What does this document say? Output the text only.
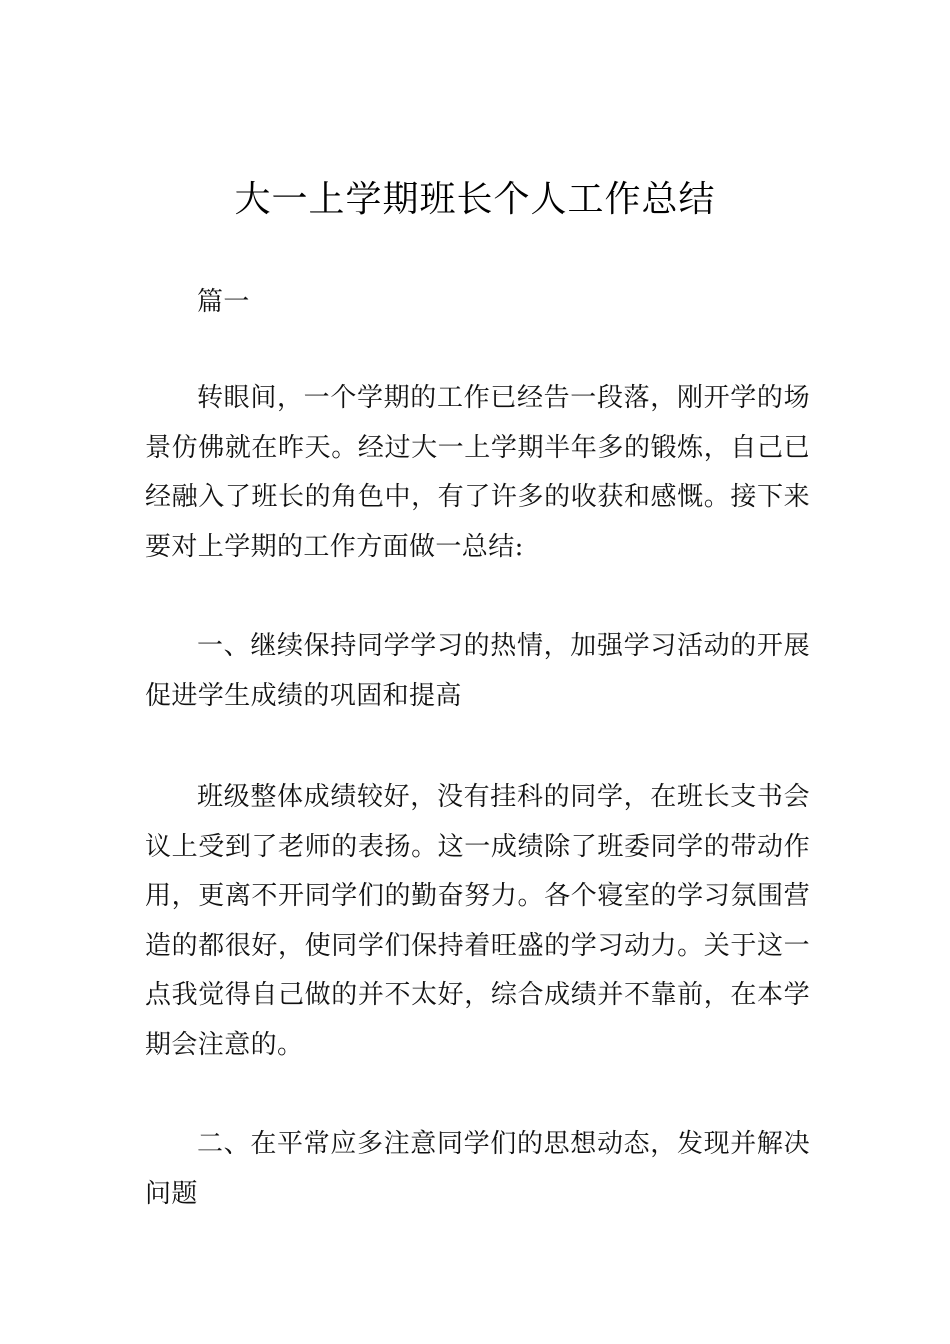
大一上学期班长个人工作总结

篇一

转眼间，一个学期的工作已经告一段落，刚开学的场景仿佛就在昨天。经过大一上学期半年多的锻炼，自己已经融入了班长的角色中，有了许多的收获和感慨。接下来要对上学期的工作方面做一总结:

一、继续保持同学学习的热情，加强学习活动的开展促进学生成绩的巩固和提高

班级整体成绩较好，没有挂科的同学，在班长支书会议上受到了老师的表扬。这一成绩除了班委同学的带动作用，更离不开同学们的勤奋努力。各个寝室的学习氛围营造的都很好，使同学们保持着旺盛的学习动力。关于这一点我觉得自己做的并不太好，综合成绩并不靠前，在本学期会注意的。

二、在平常应多注意同学们的思想动态，发现并解决问题
